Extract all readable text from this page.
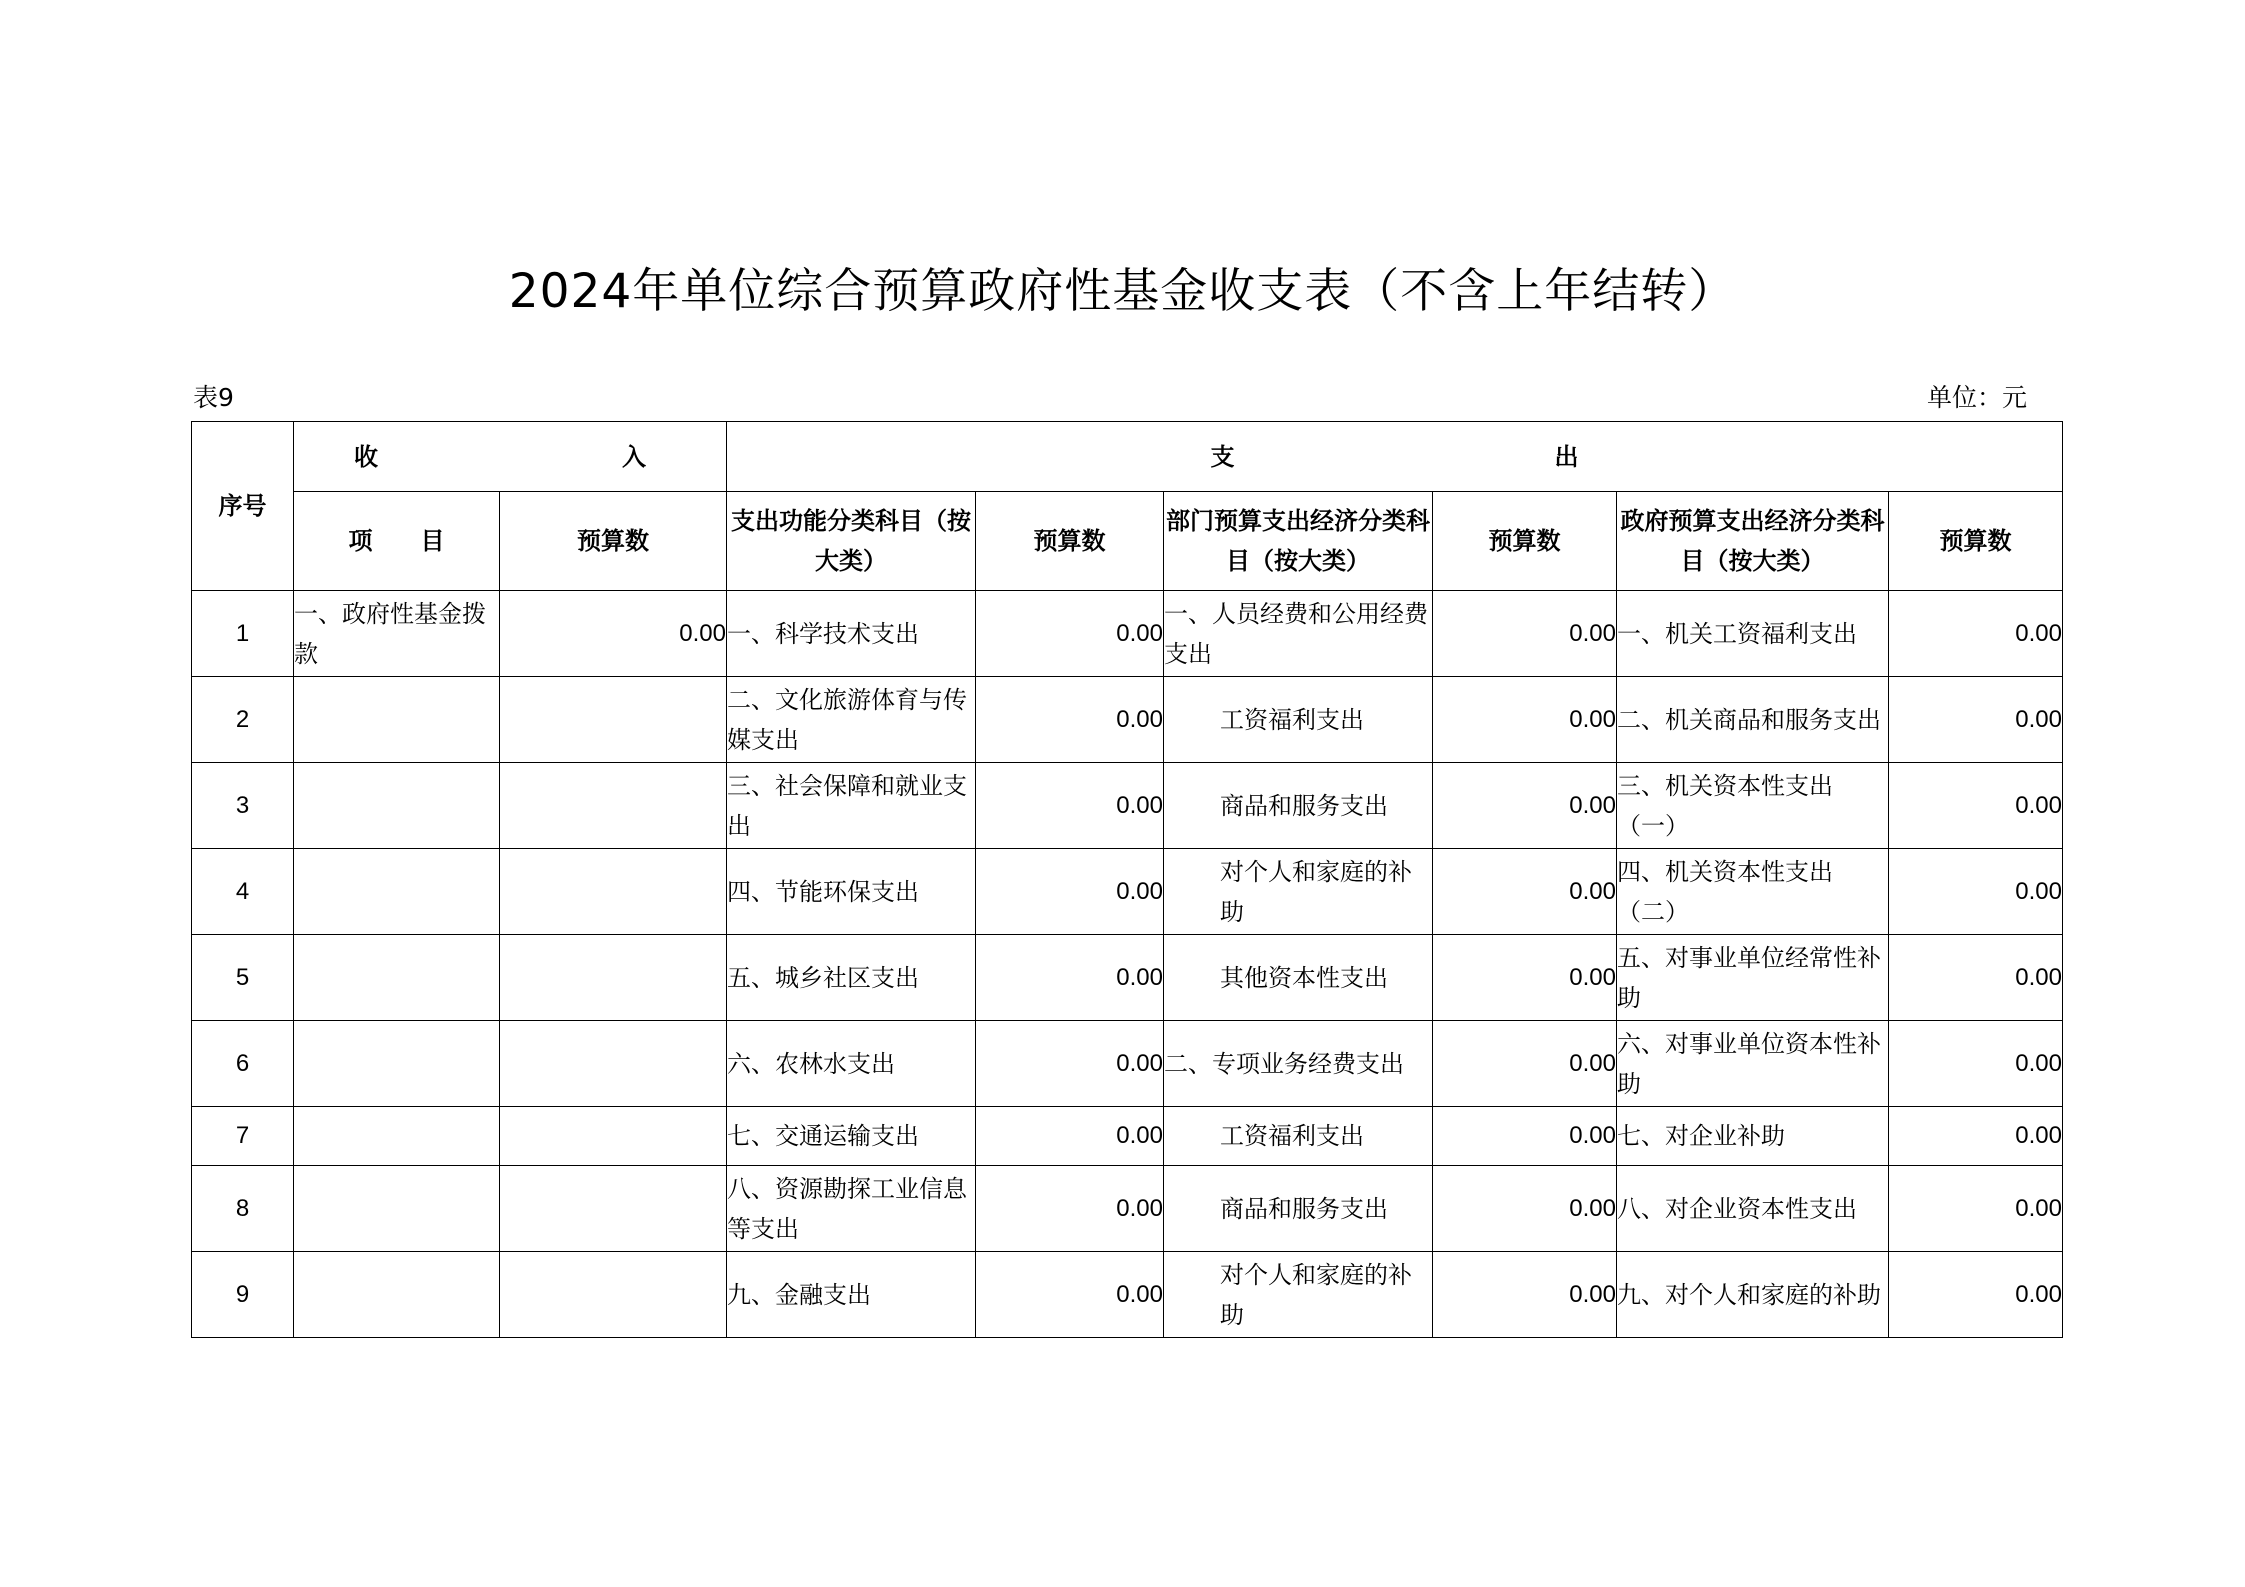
2024年单位综合预算政府性基金收支表（不含上年结转）
表9	单位：元
序号	收 入		支 出					

	项　　 目	预算数	支出功能分类科目（按大类）	预算数	部门预算支出经济分类科目（按大类）	预算数	政府预算支出经济分类科目（按大类）	预算数
1	一、政府性基金拨款	0.00	一、科学技术支出	0.00	一、人员经费和公用经费支出	0.00	一、机关工资福利支出	0.00
2			二、文化旅游体育与传媒支出	0.00	工资福利支出	0.00	二、机关商品和服务支出	0.00
3			三、社会保障和就业支出	0.00	商品和服务支出	0.00	三、机关资本性支出（一）	0.00
4			四、节能环保支出	0.00	对个人和家庭的补助	0.00	四、机关资本性支出（二）	0.00
5			五、城乡社区支出	0.00	其他资本性支出	0.00	五、对事业单位经常性补助	0.00
6			六、农林水支出	0.00	二、专项业务经费支出	0.00	六、对事业单位资本性补助	0.00
7			七、交通运输支出	0.00	工资福利支出	0.00	七、对企业补助	0.00
8			八、资源勘探工业信息等支出	0.00	商品和服务支出	0.00	八、对企业资本性支出	0.00
9			九、金融支出	0.00	对个人和家庭的补助	0.00	九、对个人和家庭的补助	0.00
